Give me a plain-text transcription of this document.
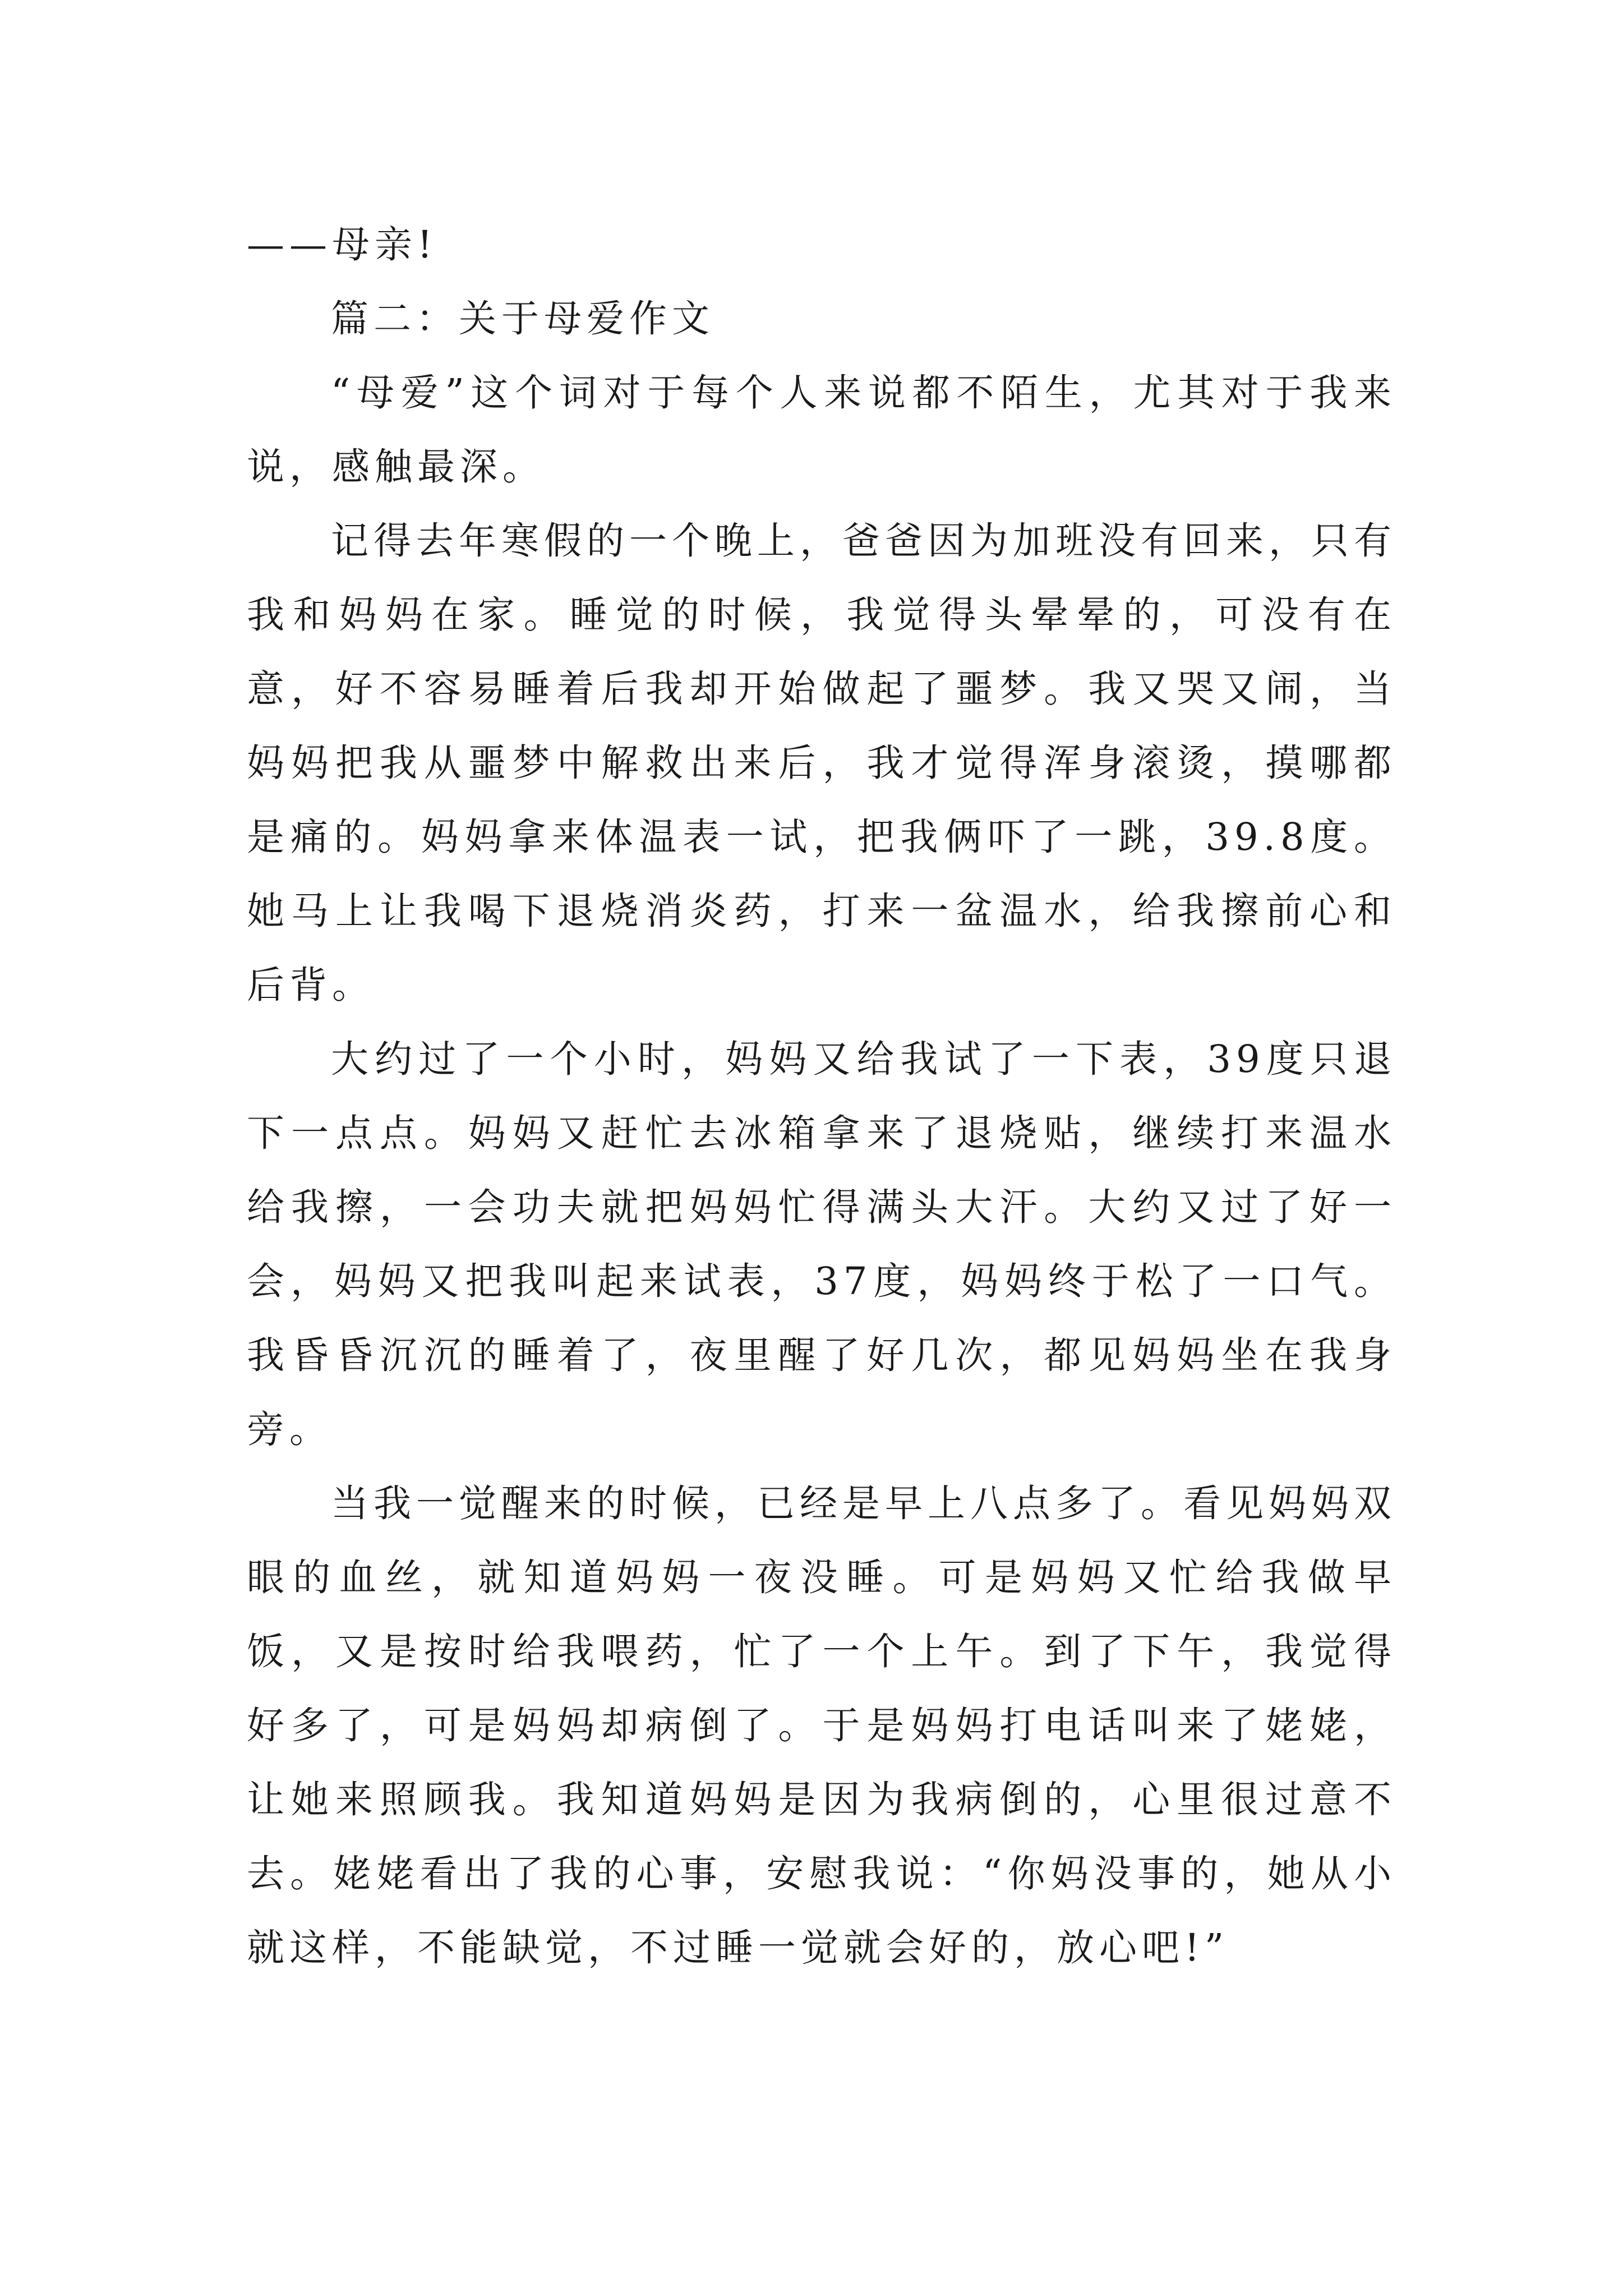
——母亲!

篇二：关于母爱作文

“母爱”这个词对于每个人来说都不陌生，尤其对于我来说，感触最深。

记得去年寒假的一个晚上，爸爸因为加班没有回来，只有我和妈妈在家。睡觉的时候，我觉得头晕晕的，可没有在意，好不容易睡着后我却开始做起了噩梦。我又哭又闹，当妈妈把我从噩梦中解救出来后，我才觉得浑身滚烫，摸哪都是痛的。妈妈拿来体温表一试，把我俩吓了一跳，39.8度。她马上让我喝下退烧消炎药，打来一盆温水，给我擦前心和后背。

大约过了一个小时，妈妈又给我试了一下表，39度只退下一点点。妈妈又赶忙去冰箱拿来了退烧贴，继续打来温水给我擦，一会功夫就把妈妈忙得满头大汗。大约又过了好一会，妈妈又把我叫起来试表，37度，妈妈终于松了一口气。我昏昏沉沉的睡着了，夜里醒了好几次，都见妈妈坐在我身旁。

当我一觉醒来的时候，已经是早上八点多了。看见妈妈双眼的血丝，就知道妈妈一夜没睡。可是妈妈又忙给我做早饭，又是按时给我喂药，忙了一个上午。到了下午，我觉得好多了，可是妈妈却病倒了。于是妈妈打电话叫来了姥姥，让她来照顾我。我知道妈妈是因为我病倒的，心里很过意不去。姥姥看出了我的心事，安慰我说：“你妈没事的，她从小就这样，不能缺觉，不过睡一觉就会好的，放心吧!”
